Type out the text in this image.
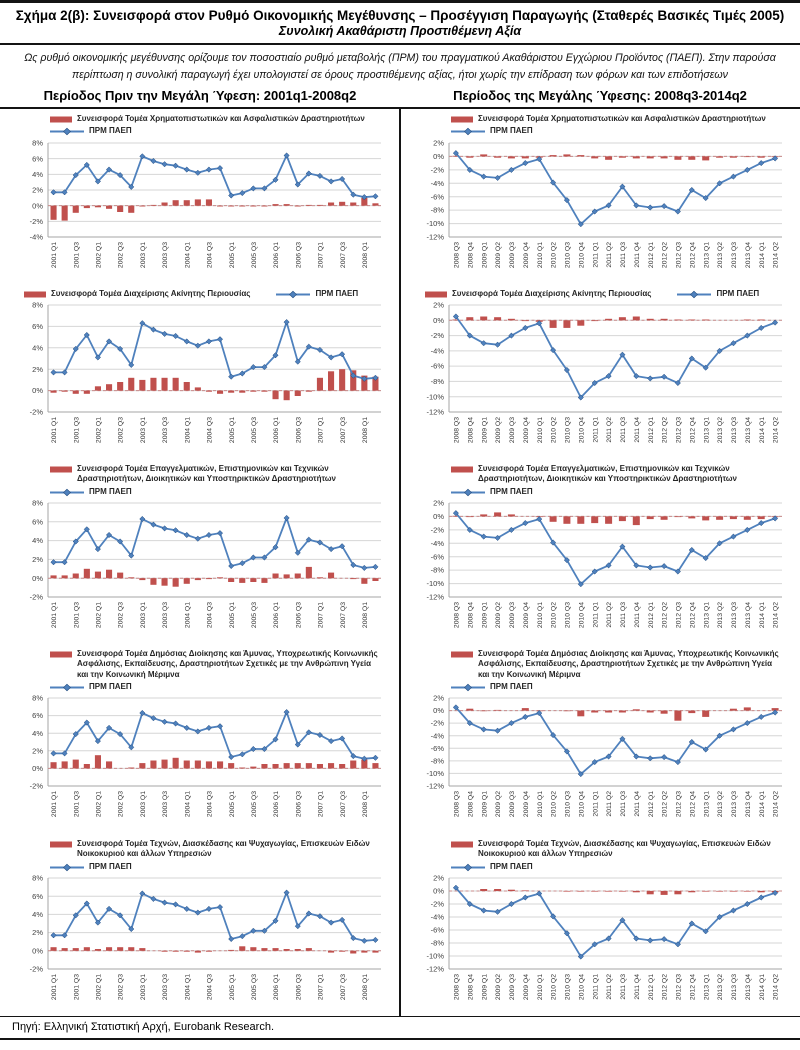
Σχήμα 2(β): Συνεισφορά στον Ρυθμό Οικονομικής Μεγέθυνσης – Προσέγγιση Παραγωγής (Σταθερές Βασικές Τιμές 2005)
Συνολική Ακαθάριστη Προστιθέμενη Αξία
Ως ρυθμό οικονομικής μεγέθυνσης ορίζουμε τον ποσοστιαίο ρυθμό μεταβολής (ΠΡΜ) του πραγματικού Ακαθάριστου Εγχώριου Προϊόντος (ΠΑΕΠ). Στην παρούσα περίπτωση η συνολική παραγωγή έχει υπολογιστεί σε όρους προστιθέμενης αξίας, ήτοι χωρίς την επίδραση των φόρων και των επιδοτήσεων
Περίοδος Πριν την Μεγάλη Ύφεση: 2001q1-2008q2	Περίοδος της Μεγάλης Ύφεσης: 2008q3-2014q2
Συνεισφορά Τομέα Χρηματοπιστωτικών και Ασφαλιστικών Δραστηριοτήτων
ΠΡΜ ΠΑΕΠ
8%
6%
4%
2%
0%
-2%
-4%
2001 Q1 2001 Q3 2002 Q1 2002 Q3 2003 Q1 2003 Q3 2004 Q1 2004 Q3 2005 Q1 2005 Q3 2006 Q1 2006 Q3 2007 Q1 2007 Q3 2008 Q1
Συνεισφορά Τομέα Διαχείρισης Ακίνητης Περιουσίας	ΠΡΜ ΠΑΕΠ
8%
6%
4%
2%
0%
-2%
2001 Q1 2001 Q3 2002 Q1 2002 Q3 2003 Q1 2003 Q3 2004 Q1 2004 Q3 2005 Q1 2005 Q3 2006 Q1 2006 Q3 2007 Q1 2007 Q3 2008 Q1
Συνεισφορά Τομέα Επαγγελματικών, Επιστημονικών και Τεχνικών Δραστηριοτήτων, Διοικητικών και Υποστηρικτικών Δραστηριοτήτων
ΠΡΜ ΠΑΕΠ
8%
6%
4%
2%
0%
-2%
2001 Q1 2001 Q3 2002 Q1 2002 Q3 2003 Q1 2003 Q3 2004 Q1 2004 Q3 2005 Q1 2005 Q3 2006 Q1 2006 Q3 2007 Q1 2007 Q3 2008 Q1
Συνεισφορά Τομέα Δημόσιας Διοίκησης και Άμυνας, Υποχρεωτικής Κοινωνικής Ασφάλισης, Εκπαίδευσης, Δραστηριοτήτων Σχετικές με την Ανθρώπινη Υγεία και την Κοινωνική Μέριμνα
ΠΡΜ ΠΑΕΠ
8%
6%
4%
2%
0%
-2%
2001 Q1 2001 Q3 2002 Q1 2002 Q3 2003 Q1 2003 Q3 2004 Q1 2004 Q3 2005 Q1 2005 Q3 2006 Q1 2006 Q3 2007 Q1 2007 Q3 2008 Q1
Συνεισφορά Τομέα Τεχνών, Διασκέδασης και Ψυχαγωγίας, Επισκευών Ειδών Νοικοκυριού και άλλων Υπηρεσιών
ΠΡΜ ΠΑΕΠ
8%
6%
4%
2%
0%
-2%
2001 Q1 2001 Q3 2002 Q1 2002 Q3 2003 Q1 2003 Q3 2004 Q1 2004 Q3 2005 Q1 2005 Q3 2006 Q1 2006 Q3 2007 Q1 2007 Q3 2008 Q1
Συνεισφορά Τομέα Χρηματοπιστωτικών και Ασφαλιστικών Δραστηριοτήτων
ΠΡΜ ΠΑΕΠ
2%
0%
-2%
-4%
-6%
-8%
-10%
-12%
2008 Q3 2008 Q4 2009 Q1 2009 Q2 2009 Q3 2009 Q4 2010 Q1 2010 Q2 2010 Q3 2010 Q4 2011 Q1 2011 Q2 2011 Q3 2011 Q4 2012 Q1 2012 Q2 2012 Q3 2012 Q4 2013 Q1 2013 Q2 2013 Q3 2013 Q4 2014 Q1 2014 Q2
Συνεισφορά Τομέα Διαχείρισης Ακίνητης Περιουσίας	ΠΡΜ ΠΑΕΠ
2%
0%
-2%
-4%
-6%
-8%
-10%
-12%
2008 Q3 2008 Q4 2009 Q1 2009 Q2 2009 Q3 2009 Q4 2010 Q1 2010 Q2 2010 Q3 2010 Q4 2011 Q1 2011 Q2 2011 Q3 2011 Q4 2012 Q1 2012 Q2 2012 Q3 2012 Q4 2013 Q1 2013 Q2 2013 Q3 2013 Q4 2014 Q1 2014 Q2
Συνεισφορά Τομέα Επαγγελματικών, Επιστημονικών και Τεχνικών Δραστηριοτήτων, Διοικητικών και Υποστηρικτικών Δραστηριοτήτων
ΠΡΜ ΠΑΕΠ
2%
0%
-2%
-4%
-6%
-8%
-10%
-12%
2008 Q3 2008 Q4 2009 Q1 2009 Q2 2009 Q3 2009 Q4 2010 Q1 2010 Q2 2010 Q3 2010 Q4 2011 Q1 2011 Q2 2011 Q3 2011 Q4 2012 Q1 2012 Q2 2012 Q3 2012 Q4 2013 Q1 2013 Q2 2013 Q3 2013 Q4 2014 Q1 2014 Q2
Συνεισφορά Τομέα Δημόσιας Διοίκησης και Άμυνας, Υποχρεωτικής Κοινωνικής Ασφάλισης, Εκπαίδευσης, Δραστηριοτήτων Σχετικές με την Ανθρώπινη Υγεία και την Κοινωνική Μέριμνα
ΠΡΜ ΠΑΕΠ
2%
0%
-2%
-4%
-6%
-8%
-10%
-12%
2008 Q3 2008 Q4 2009 Q1 2009 Q2 2009 Q3 2009 Q4 2010 Q1 2010 Q2 2010 Q3 2010 Q4 2011 Q1 2011 Q2 2011 Q3 2011 Q4 2012 Q1 2012 Q2 2012 Q3 2012 Q4 2013 Q1 2013 Q2 2013 Q3 2013 Q4 2014 Q1 2014 Q2
Συνεισφορά Τομέα Τεχνών, Διασκέδασης και Ψυχαγωγίας, Επισκευών Ειδών Νοικοκυριού και άλλων Υπηρεσιών
ΠΡΜ ΠΑΕΠ
2%
0%
-2%
-4%
-6%
-8%
-10%
-12%
2008 Q3 2008 Q4 2009 Q1 2009 Q2 2009 Q3 2009 Q4 2010 Q1 2010 Q2 2010 Q3 2010 Q4 2011 Q1 2011 Q2 2011 Q3 2011 Q4 2012 Q1 2012 Q2 2012 Q3 2012 Q4 2013 Q1 2013 Q2 2013 Q3 2013 Q4 2014 Q1 2014 Q2
Πηγή: Ελληνική Στατιστική Αρχή, Eurobank Research.
